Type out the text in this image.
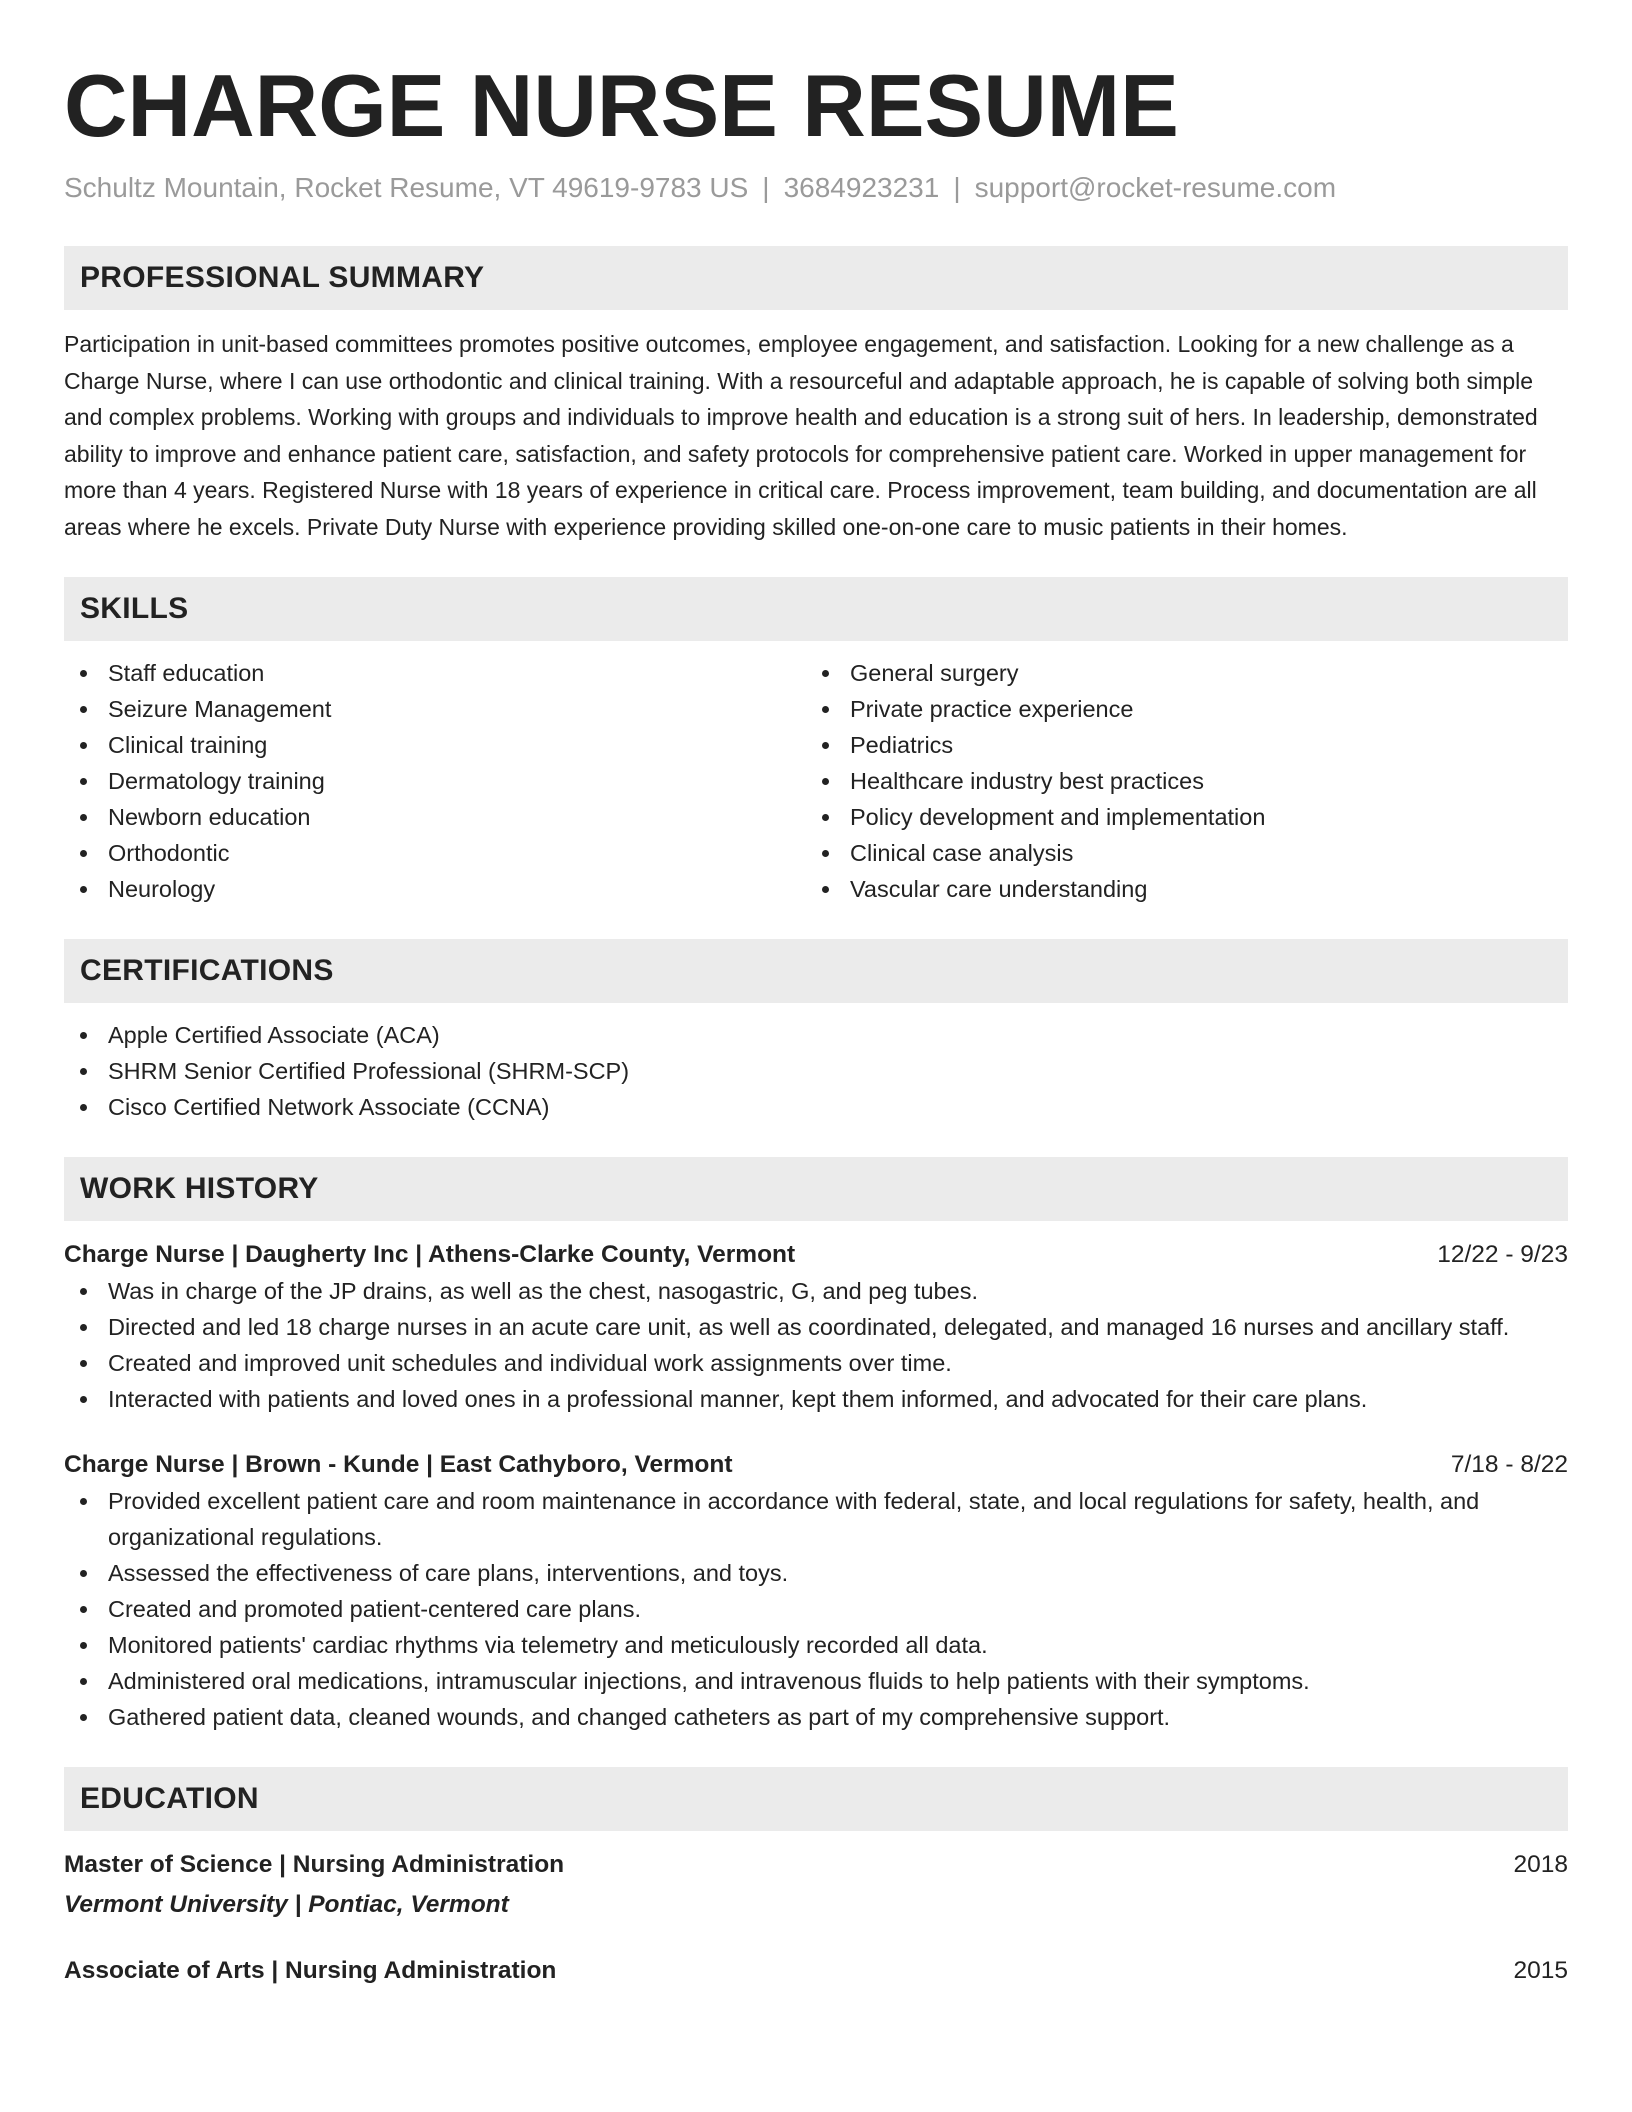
CHARGE NURSE RESUME
Schultz Mountain, Rocket Resume, VT 49619-9783 US | 3684923231 | support@rocket-resume.com
PROFESSIONAL SUMMARY
Participation in unit-based committees promotes positive outcomes, employee engagement, and satisfaction. Looking for a new challenge as a Charge Nurse, where I can use orthodontic and clinical training. With a resourceful and adaptable approach, he is capable of solving both simple and complex problems. Working with groups and individuals to improve health and education is a strong suit of hers. In leadership, demonstrated ability to improve and enhance patient care, satisfaction, and safety protocols for comprehensive patient care. Worked in upper management for more than 4 years. Registered Nurse with 18 years of experience in critical care. Process improvement, team building, and documentation are all areas where he excels. Private Duty Nurse with experience providing skilled one-on-one care to music patients in their homes.
SKILLS
Staff education
Seizure Management
Clinical training
Dermatology training
Newborn education
Orthodontic
Neurology
General surgery
Private practice experience
Pediatrics
Healthcare industry best practices
Policy development and implementation
Clinical case analysis
Vascular care understanding
CERTIFICATIONS
Apple Certified Associate (ACA)
SHRM Senior Certified Professional (SHRM-SCP)
Cisco Certified Network Associate (CCNA)
WORK HISTORY
Charge Nurse | Daugherty Inc | Athens-Clarke County, Vermont	12/22 - 9/23
Was in charge of the JP drains, as well as the chest, nasogastric, G, and peg tubes.
Directed and led 18 charge nurses in an acute care unit, as well as coordinated, delegated, and managed 16 nurses and ancillary staff.
Created and improved unit schedules and individual work assignments over time.
Interacted with patients and loved ones in a professional manner, kept them informed, and advocated for their care plans.
Charge Nurse | Brown - Kunde | East Cathyboro, Vermont	7/18 - 8/22
Provided excellent patient care and room maintenance in accordance with federal, state, and local regulations for safety, health, and organizational regulations.
Assessed the effectiveness of care plans, interventions, and toys.
Created and promoted patient-centered care plans.
Monitored patients' cardiac rhythms via telemetry and meticulously recorded all data.
Administered oral medications, intramuscular injections, and intravenous fluids to help patients with their symptoms.
Gathered patient data, cleaned wounds, and changed catheters as part of my comprehensive support.
EDUCATION
Master of Science | Nursing Administration	2018
Vermont University | Pontiac, Vermont
Associate of Arts | Nursing Administration	2015
